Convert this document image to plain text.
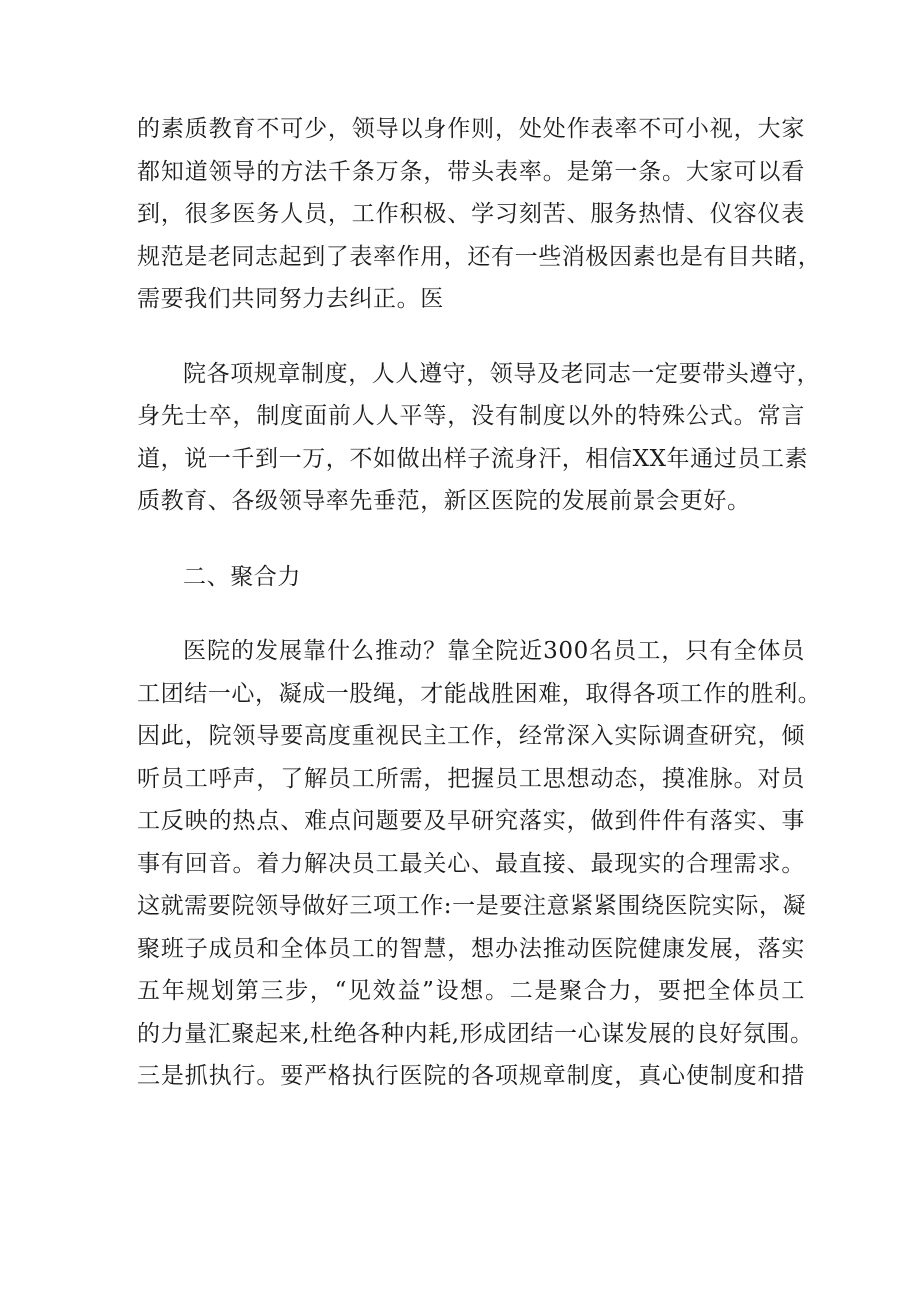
的素质教育不可少，领导以身作则，处处作表率不可小视，大家
都知道领导的方法千条万条，带头表率。是第一条。大家可以看
到，很多医务人员，工作积极、学习刻苦、服务热情、仪容仪表
规范是老同志起到了表率作用，还有一些消极因素也是有目共睹，
需要我们共同努力去纠正。医
院各项规章制度，人人遵守，领导及老同志一定要带头遵守，
身先士卒，制度面前人人平等，没有制度以外的特殊公式。常言
道，说一千到一万，不如做出样子流身汗，相信XX年通过员工素
质教育、各级领导率先垂范，新区医院的发展前景会更好。
二、聚合力
医院的发展靠什么推动？靠全院近300名员工，只有全体员
工团结一心，凝成一股绳，才能战胜困难，取得各项工作的胜利。
因此，院领导要高度重视民主工作，经常深入实际调查研究，倾
听员工呼声，了解员工所需，把握员工思想动态，摸准脉。对员
工反映的热点、难点问题要及早研究落实，做到件件有落实、事
事有回音。着力解决员工最关心、最直接、最现实的合理需求。
这就需要院领导做好三项工作:一是要注意紧紧围绕医院实际，凝
聚班子成员和全体员工的智慧，想办法推动医院健康发展，落实
五年规划第三步，“见效益”设想。二是聚合力，要把全体员工
的力量汇聚起来,杜绝各种内耗,形成团结一心谋发展的良好氛围。
三是抓执行。要严格执行医院的各项规章制度，真心使制度和措
